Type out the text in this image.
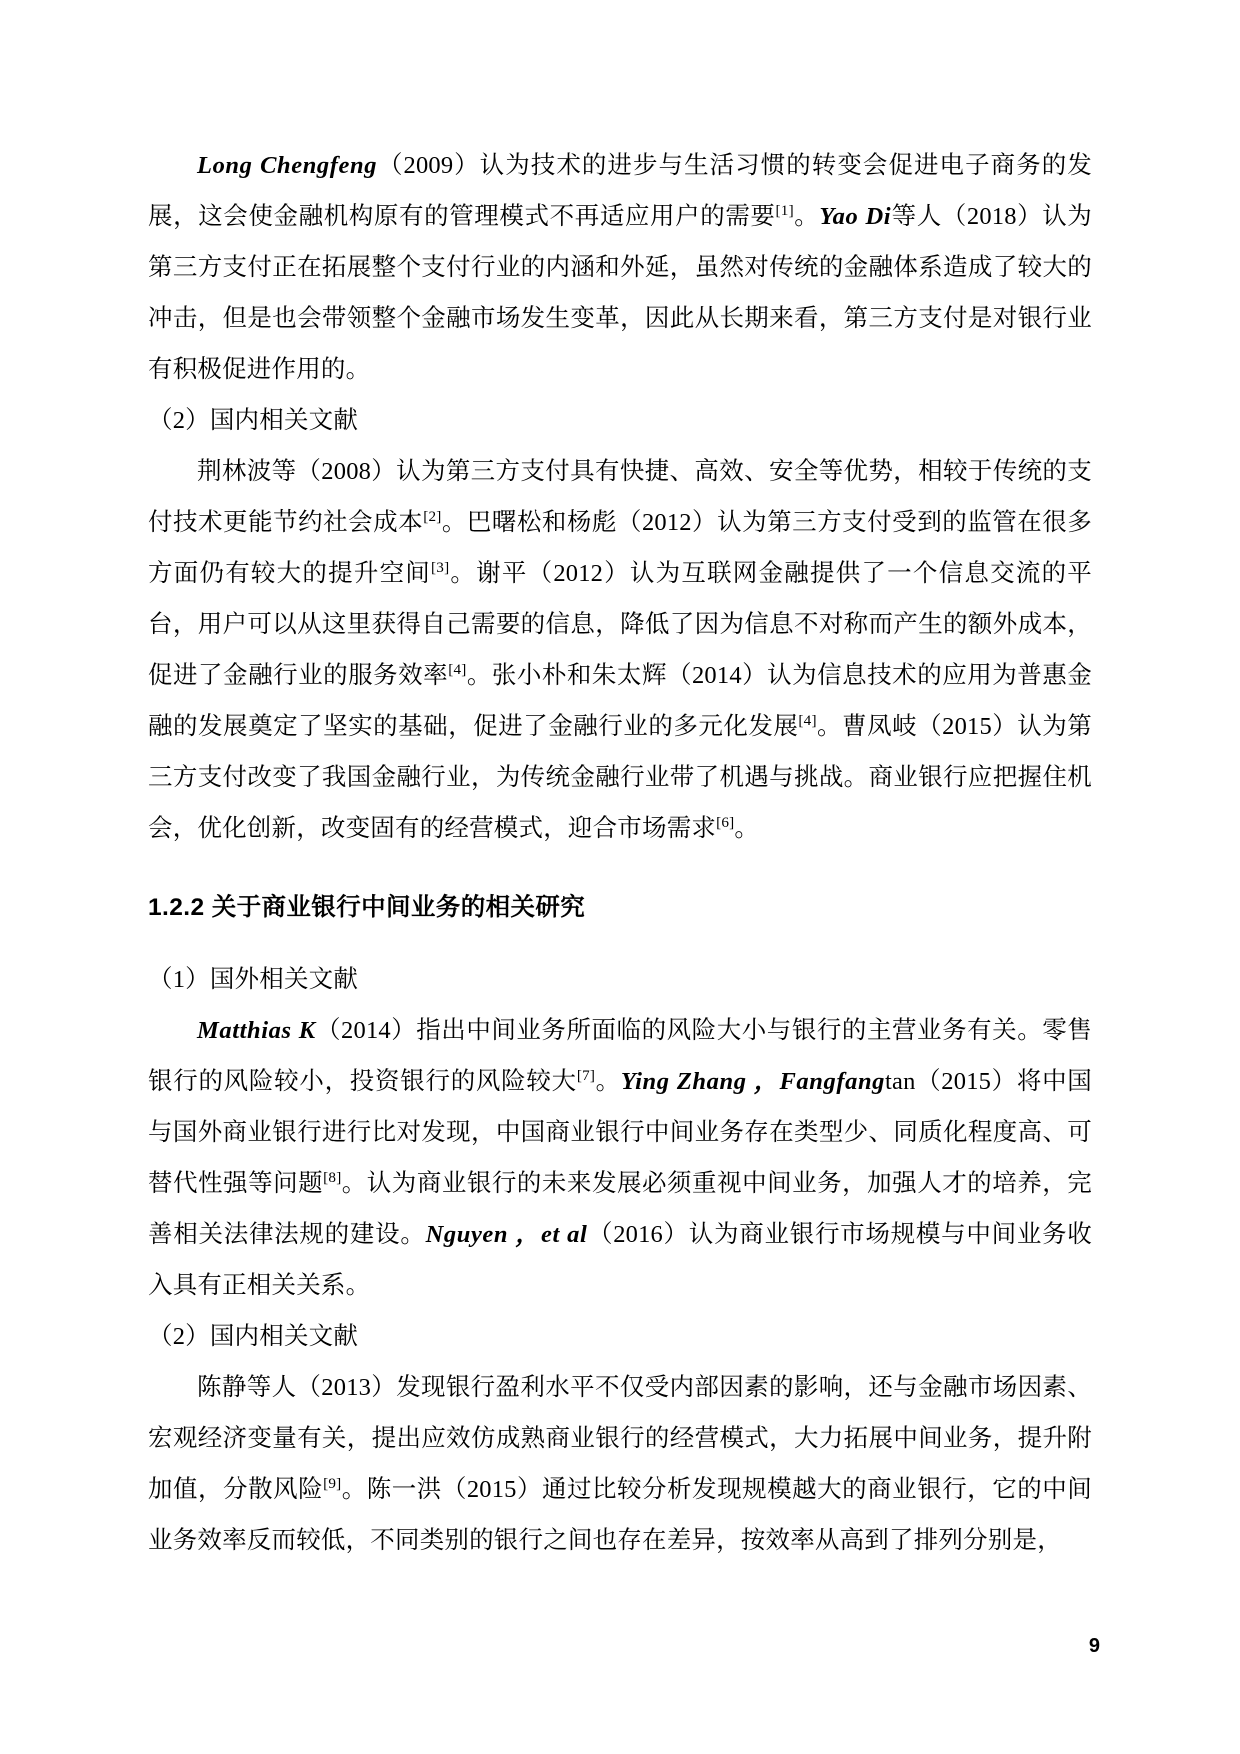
Long Chengfeng（2009）认为技术的进步与生活习惯的转变会促进电子商务的发展，这会使金融机构原有的管理模式不再适应用户的需要[1]。Yao Di等人（2018）认为第三方支付正在拓展整个支付行业的内涵和外延，虽然对传统的金融体系造成了较大的冲击，但是也会带领整个金融市场发生变革，因此从长期来看，第三方支付是对银行业有积极促进作用的。

（2）国内相关文献

荆林波等（2008）认为第三方支付具有快捷、高效、安全等优势，相较于传统的支付技术更能节约社会成本[2]。巴曙松和杨彪（2012）认为第三方支付受到的监管在很多方面仍有较大的提升空间[3]。谢平（2012）认为互联网金融提供了一个信息交流的平台，用户可以从这里获得自己需要的信息，降低了因为信息不对称而产生的额外成本，促进了金融行业的服务效率[4]。张小朴和朱太辉（2014）认为信息技术的应用为普惠金融的发展奠定了坚实的基础，促进了金融行业的多元化发展[4]。曹凤岐（2015）认为第三方支付改变了我国金融行业，为传统金融行业带了机遇与挑战。商业银行应把握住机会，优化创新，改变固有的经营模式，迎合市场需求[6]。

1.2.2 关于商业银行中间业务的相关研究

（1）国外相关文献

Matthias K（2014）指出中间业务所面临的风险大小与银行的主营业务有关。零售银行的风险较小，投资银行的风险较大[7]。Ying Zhang ，Fangfangtan（2015）将中国与国外商业银行进行比对发现，中国商业银行中间业务存在类型少、同质化程度高、可替代性强等问题[8]。认为商业银行的未来发展必须重视中间业务，加强人才的培养，完善相关法律法规的建设。Nguyen ，et al（2016）认为商业银行市场规模与中间业务收入具有正相关关系。

（2）国内相关文献

陈静等人（2013）发现银行盈利水平不仅受内部因素的影响，还与金融市场因素、宏观经济变量有关，提出应效仿成熟商业银行的经营模式，大力拓展中间业务，提升附加值，分散风险[9]。陈一洪（2015）通过比较分析发现规模越大的商业银行，它的中间业务效率反而较低，不同类别的银行之间也存在差异，按效率从高到了排列分别是，

9
